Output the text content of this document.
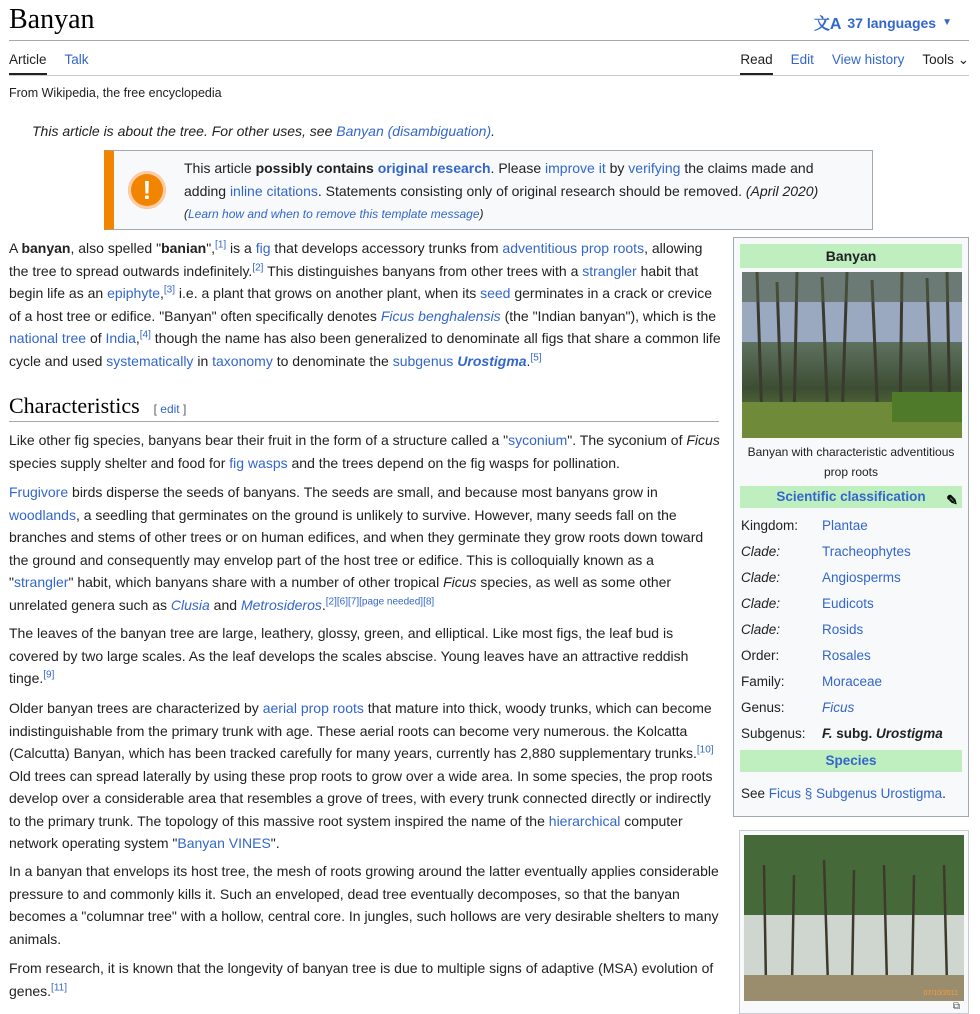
Banyan	文A 37 languages ▼
Article Talk	Read Edit View history Tools ⌄
From Wikipedia, the free encyclopedia
This article is about the tree. For other uses, see Banyan (disambiguation).
!
This article possibly contains original research. Please improve it by verifying the claims made and adding inline citations. Statements consisting only of original research should be removed. (April 2020)
(Learn how and when to remove this template message)
A banyan, also spelled "banian",[1] is a fig that develops accessory trunks from adventitious prop roots, allowing the tree to spread outwards indefinitely.[2] This distinguishes banyans from other trees with a strangler habit that begin life as an epiphyte,[3] i.e. a plant that grows on another plant, when its seed germinates in a crack or crevice of a host tree or edifice. "Banyan" often specifically denotes Ficus benghalensis (the "Indian banyan"), which is the national tree of India,[4] though the name has also been generalized to denominate all figs that share a common life cycle and used systematically in taxonomy to denominate the subgenus Urostigma.[5]
Characteristics [ edit ]
Like other fig species, banyans bear their fruit in the form of a structure called a "syconium". The syconium of Ficus species supply shelter and food for fig wasps and the trees depend on the fig wasps for pollination.
Frugivore birds disperse the seeds of banyans. The seeds are small, and because most banyans grow in woodlands, a seedling that germinates on the ground is unlikely to survive. However, many seeds fall on the branches and stems of other trees or on human edifices, and when they germinate they grow roots down toward the ground and consequently may envelop part of the host tree or edifice. This is colloquially known as a "strangler" habit, which banyans share with a number of other tropical Ficus species, as well as some other unrelated genera such as Clusia and Metrosideros.[2][6][7][page needed][8]
The leaves of the banyan tree are large, leathery, glossy, green, and elliptical. Like most figs, the leaf bud is covered by two large scales. As the leaf develops the scales abscise. Young leaves have an attractive reddish tinge.[9]
Older banyan trees are characterized by aerial prop roots that mature into thick, woody trunks, which can become indistinguishable from the primary trunk with age. These aerial roots can become very numerous. the Kolcatta (Calcutta) Banyan, which has been tracked carefully for many years, currently has 2,880 supplementary trunks.[10] Old trees can spread laterally by using these prop roots to grow over a wide area. In some species, the prop roots develop over a considerable area that resembles a grove of trees, with every trunk connected directly or indirectly to the primary trunk. The topology of this massive root system inspired the name of the hierarchical computer network operating system "Banyan VINES".
In a banyan that envelops its host tree, the mesh of roots growing around the latter eventually applies considerable pressure to and commonly kills it. Such an enveloped, dead tree eventually decomposes, so that the banyan becomes a "columnar tree" with a hollow, central core. In jungles, such hollows are very desirable shelters to many animals.
From research, it is known that the longevity of banyan tree is due to multiple signs of adaptive (MSA) evolution of genes.[11]
Banyan
Banyan with characteristic adventitious prop roots
Scientific classification ✎
Kingdom:	Plantae
Clade:	Tracheophytes
Clade:	Angiosperms
Clade:	Eudicots
Clade:	Rosids
Order:	Rosales
Family:	Moraceae
Genus:	Ficus
Subgenus:	F. subg. Urostigma
Species
See Ficus § Subgenus Urostigma.
07/10/2011
⧉
